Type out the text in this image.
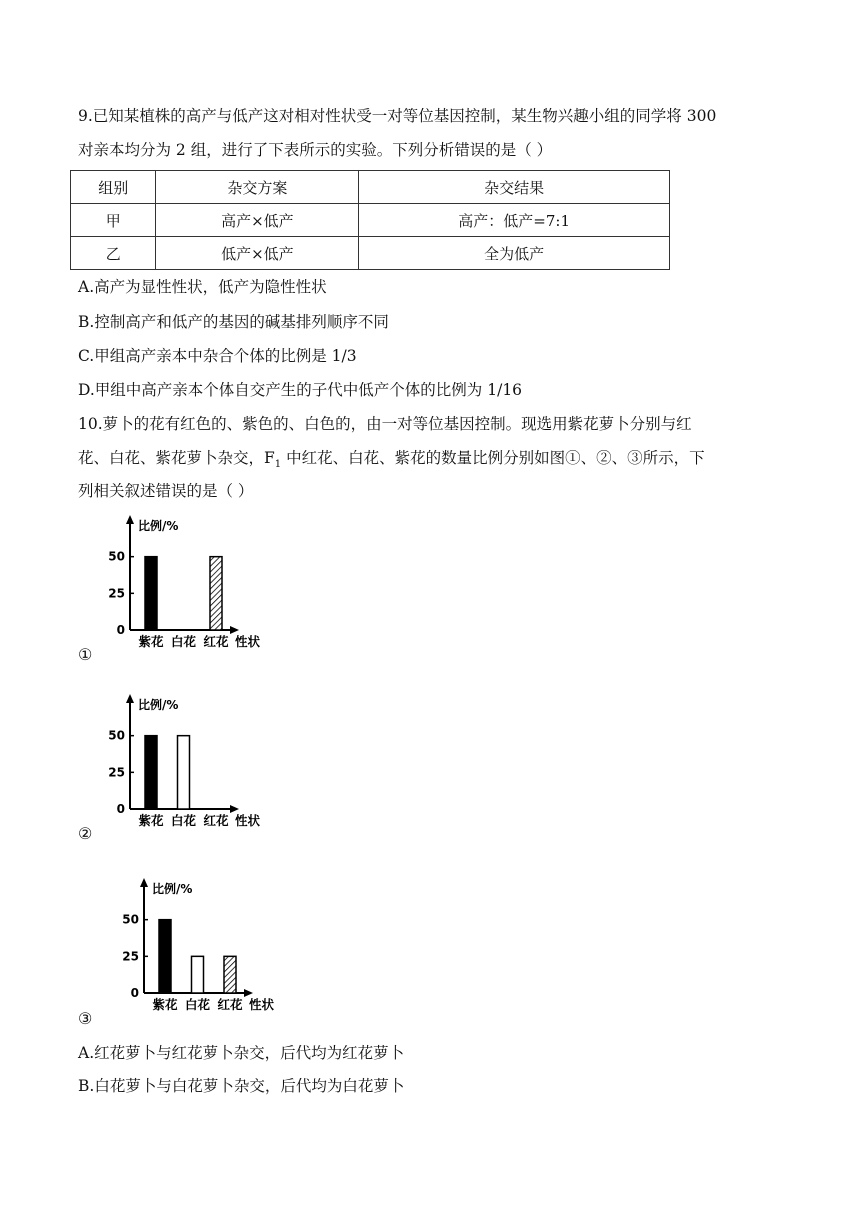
9.已知某植株的高产与低产这对相对性状受一对等位基因控制，某生物兴趣小组的同学将 300
对亲本均分为 2 组，进行了下表所示的实验。下列分析错误的是（ ）
组别	杂交方案	杂交结果
甲	高产×低产	高产：低产=7:1
乙	低产×低产	全为低产
A.高产为显性性状，低产为隐性性状
B.控制高产和低产的基因的碱基排列顺序不同
C.甲组高产亲本中杂合个体的比例是 1/3
D.甲组中高产亲本个体自交产生的子代中低产个体的比例为 1/16
10.萝卜的花有红色的、紫色的、白色的，由一对等位基因控制。现选用紫花萝卜分别与红
花、白花、紫花萝卜杂交，$F_1$ 中红花、白花、紫花的数量比例分别如图①、②、③所示，下
列相关叙述错误的是（ ）
比例/%
0
25
50
紫花 白花 红花 性状
①
比例/%
0
25
50
紫花 白花 红花 性状
②
比例/%
0
25
50
紫花 白花 红花 性状
③
A.红花萝卜与红花萝卜杂交，后代均为红花萝卜
B.白花萝卜与白花萝卜杂交，后代均为白花萝卜
